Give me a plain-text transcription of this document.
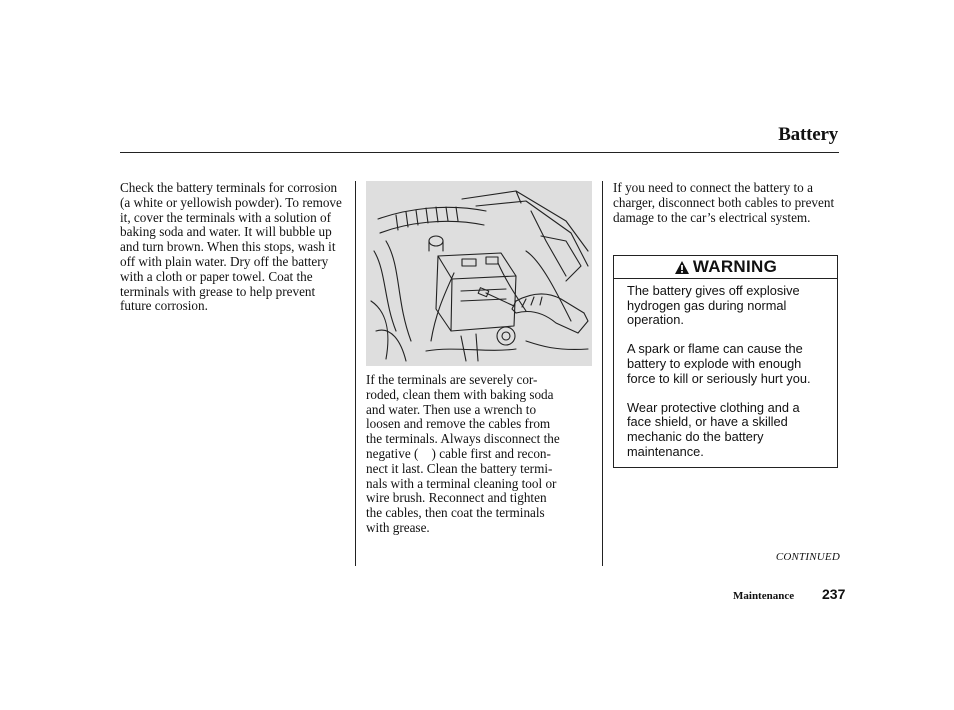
Battery

Check the battery terminals for corrosion (a white or yellowish powder). To remove it, cover the terminals with a solution of baking soda and water. It will bubble up and turn brown. When this stops, wash it off with plain water. Dry off the battery with a cloth or paper towel. Coat the terminals with grease to help prevent future corrosion.

If the terminals are severely cor-
roded, clean them with baking soda
and water. Then use a wrench to
loosen and remove the cables from
the terminals. Always disconnect the
negative (    ) cable first and recon-
nect it last. Clean the battery termi-
nals with a terminal cleaning tool or
wire brush. Reconnect and tighten
the cables, then coat the terminals
with grease.

If you need to connect the battery to a charger, disconnect both cables to prevent damage to the car’s electrical system.

WARNING

The battery gives off explosive hydrogen gas during normal operation.

A spark or flame can cause the battery to explode with enough force to kill or seriously hurt you.

Wear protective clothing and a face shield, or have a skilled mechanic do the battery maintenance.

CONTINUED
Maintenance 237
